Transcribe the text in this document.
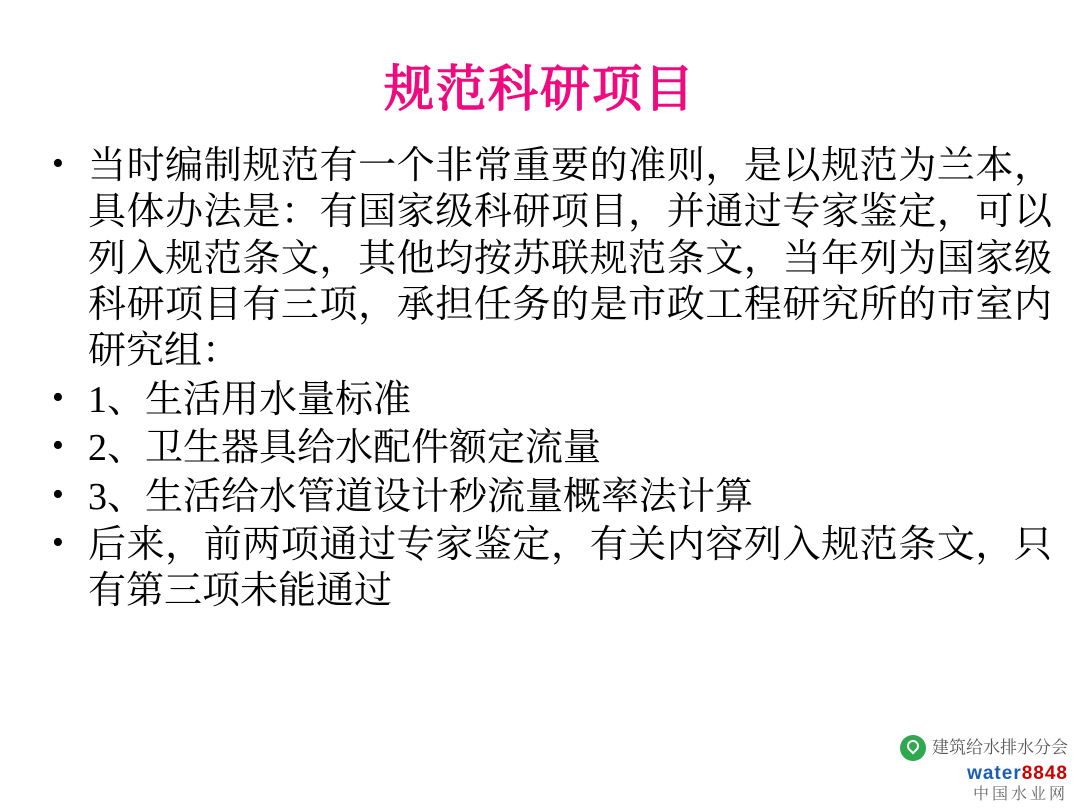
规范科研项目
• 当时编制规范有一个非常重要的准则，是以规范为兰本，具体办法是：有国家级科研项目，并通过专家鉴定，可以列入规范条文，其他均按苏联规范条文，当年列为国家级科研项目有三项，承担任务的是市政工程研究所的市室内研究组：
• 1、生活用水量标准
• 2、卫生器具给水配件额定流量
• 3、生活给水管道设计秒流量概率法计算
• 后来，前两项通过专家鉴定，有关内容列入规范条文，只有第三项未能通过
建筑给水排水分会
water8848
中国水业网
